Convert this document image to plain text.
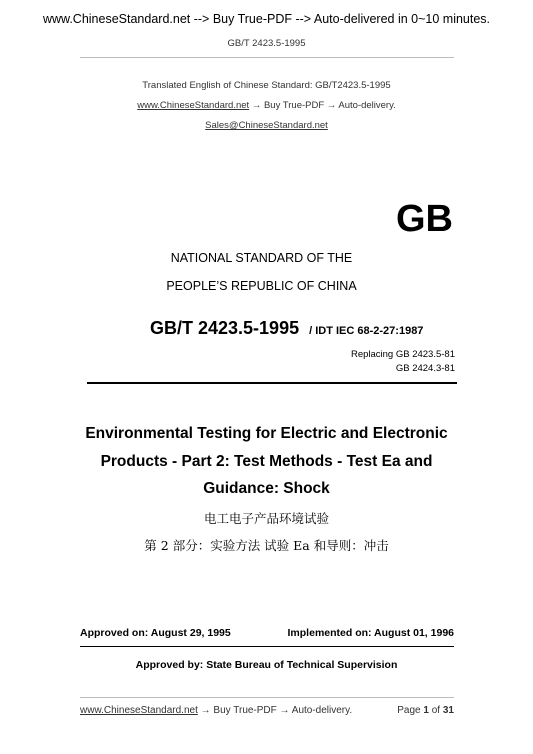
www.ChineseStandard.net --> Buy True-PDF --> Auto-delivered in 0~10 minutes.
GB/T 2423.5-1995
Translated English of Chinese Standard: GB/T2423.5-1995
www.ChineseStandard.net → Buy True-PDF → Auto-delivery.
Sales@ChineseStandard.net
GB
NATIONAL STANDARD OF THE
PEOPLE’S REPUBLIC OF CHINA
GB/T 2423.5-1995 / IDT IEC 68-2-27:1987
Replacing GB 2423.5-81
GB 2424.3-81
Environmental Testing for Electric and Electronic
Products - Part 2: Test Methods - Test Ea and
Guidance: Shock
电工电子产品环境试验
第 2 部分：实验方法 试验 Ea 和导则：冲击
Approved on: August 29, 1995	Implemented on: August 01, 1996
Approved by: State Bureau of Technical Supervision
www.ChineseStandard.net → Buy True-PDF → Auto-delivery.	Page 1 of 31
